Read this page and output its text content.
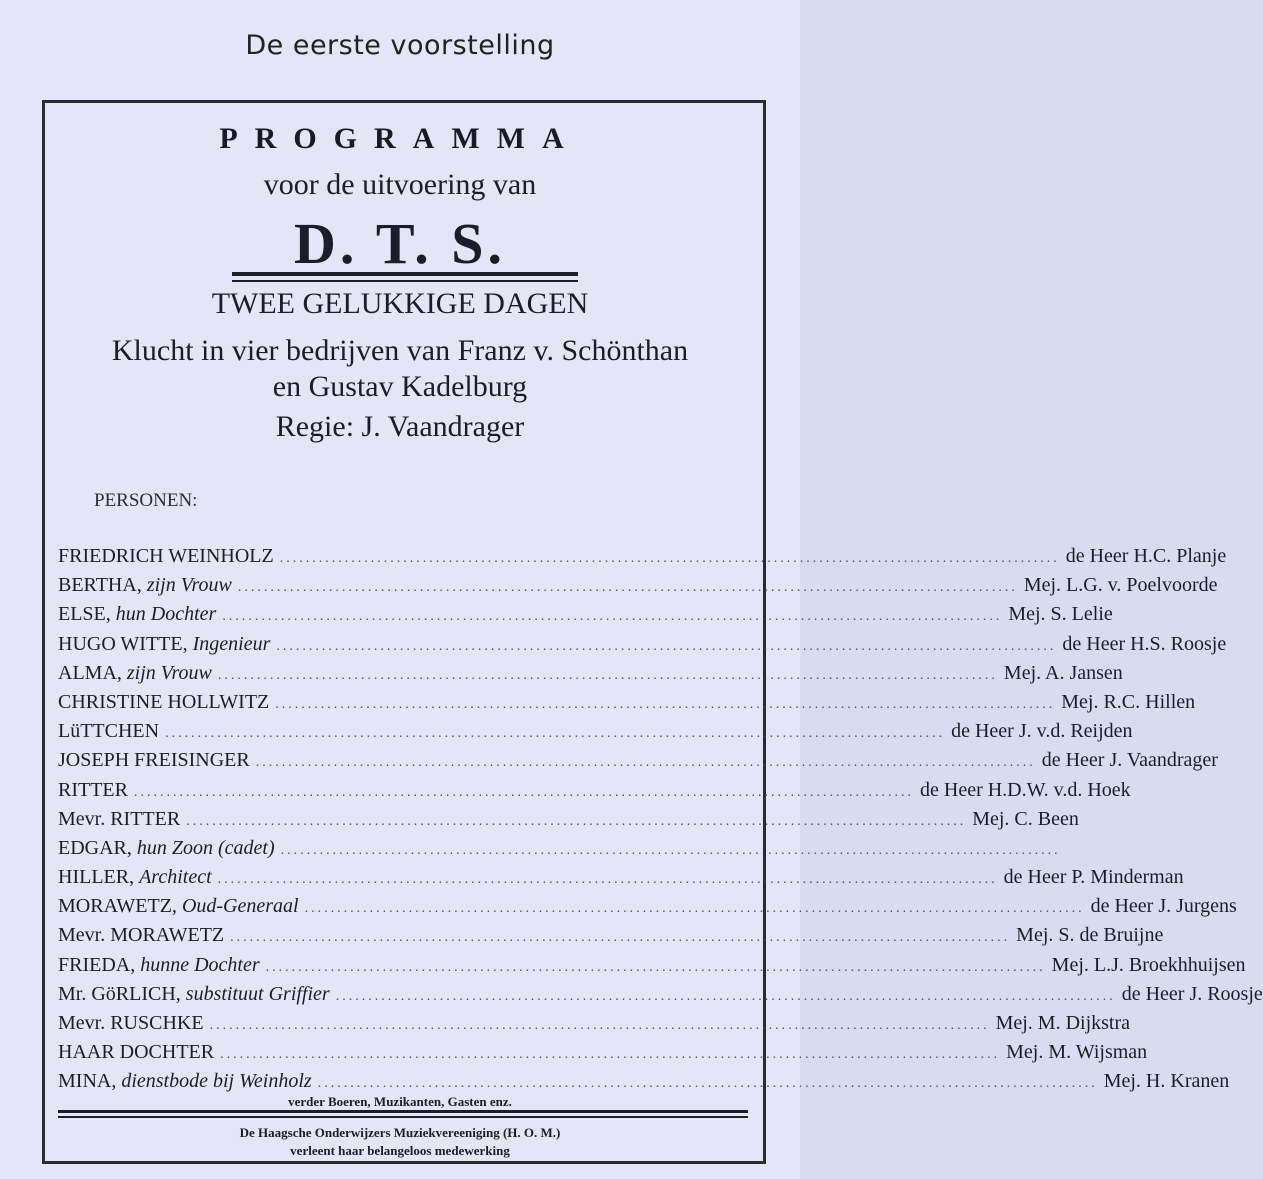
De eerste voorstelling
PROGRAMMA
voor de uitvoering van
D. T. S.
TWEE GELUKKIGE DAGEN
Klucht in vier bedrijven van Franz v. Schönthan
en Gustav Kadelburg
Regie: J. Vaandrager
PERSONEN:
FRIEDRICH WEINHOLZ ........................................................................................................................ de Heer H.C. Planje
BERTHA, zijn Vrouw ........................................................................................................................ Mej. L.G. v. Poelvoorde
ELSE, hun Dochter ........................................................................................................................ Mej. S. Lelie
HUGO WITTE, Ingenieur ........................................................................................................................ de Heer H.S. Roosje
ALMA, zijn Vrouw ........................................................................................................................ Mej. A. Jansen
CHRISTINE HOLLWITZ ........................................................................................................................ Mej. R.C. Hillen
LüTTCHEN ........................................................................................................................ de Heer J. v.d. Reijden
JOSEPH FREISINGER ........................................................................................................................ de Heer J. Vaandrager
RITTER ........................................................................................................................ de Heer H.D.W. v.d. Hoek
Mevr. RITTER ........................................................................................................................ Mej. C. Been
EDGAR, hun Zoon (cadet) ........................................................................................................................
HILLER, Architect ........................................................................................................................ de Heer P. Minderman
MORAWETZ, Oud-Generaal ........................................................................................................................ de Heer J. Jurgens
Mevr. MORAWETZ ........................................................................................................................ Mej. S. de Bruijne
FRIEDA, hunne Dochter ........................................................................................................................ Mej. L.J. Broekhhuijsen
Mr. GöRLICH, substituut Griffier ........................................................................................................................ de Heer J. Roosje
Mevr. RUSCHKE ........................................................................................................................ Mej. M. Dijkstra
HAAR DOCHTER ........................................................................................................................ Mej. M. Wijsman
MINA, dienstbode bij Weinholz ........................................................................................................................ Mej. H. Kranen
verder Boeren, Muzikanten, Gasten enz.
De Haagsche Onderwijzers Muziekvereeniging (H. O. M.)
verleent haar belangeloos medewerking
